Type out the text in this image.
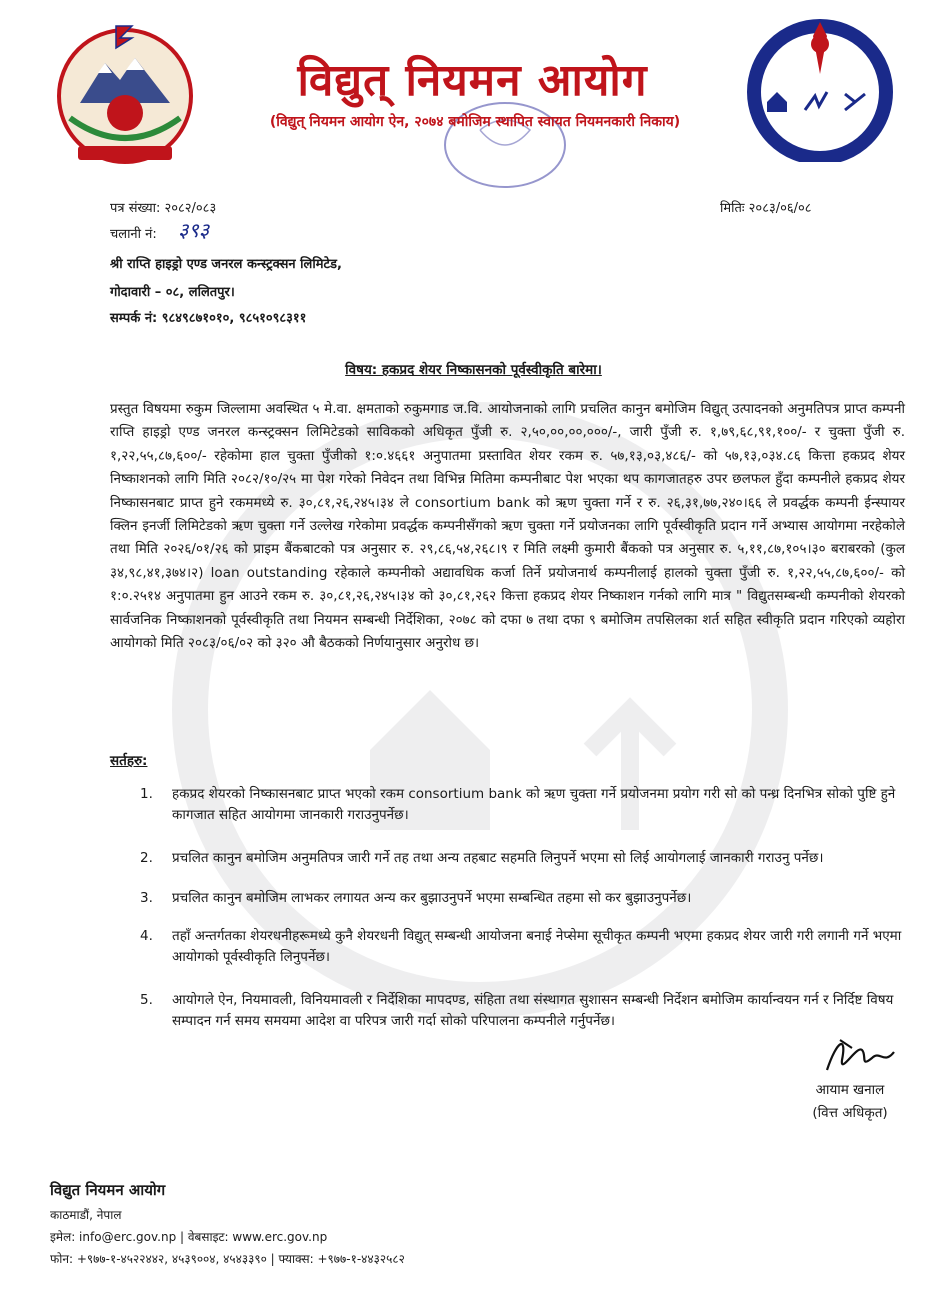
विद्युत् नियमन आयोग
(विद्युत् नियमन आयोग ऐन, २०७४ बमोजिम स्थापित स्वायत नियमनकारी निकाय)
पत्र संख्या: २०८२/०८३	मितिः २०८३/०६/०८
चलानी नं: ३९३
श्री राप्ति हाइड्रो एण्ड जनरल कन्स्ट्रक्सन लिमिटेड,
गोदावारी – ०८, ललितपुर।
सम्पर्क नं: ९८४९८७१०१०, ९८५१०९८३११
विषय: हकप्रद शेयर निष्कासनको पूर्वस्वीकृति बारेमा।
प्रस्तुत विषयमा रुकुम जिल्लामा अवस्थित ५ मे.वा. क्षमताको रुकुमगाड ज.वि. आयोजनाको लागि प्रचलित कानुन बमोजिम विद्युत् उत्पादनको अनुमतिपत्र प्राप्त कम्पनी राप्ति हाइड्रो एण्ड जनरल कन्स्ट्रक्सन लिमिटेडको साविकको अधिकृत पुँजी रु. २,५०,००,००,०००/-, जारी पुँजी रु. १,७९,६८,९१,१००/- र चुक्ता पुँजी रु. १,२२,५५,८७,६००/- रहेकोमा हाल चुक्ता पुँजीको १:०.४६६१ अनुपातमा प्रस्तावित शेयर रकम रु. ५७,१३,०३,४८६/- को ५७,१३,०३४.८६ कित्ता हकप्रद शेयर निष्काशनको लागि मिति २०८२/१०/२५ मा पेश गरेको निवेदन तथा विभिन्न मितिमा कम्पनीबाट पेश भएका थप कागजातहरु उपर छलफल हुँदा कम्पनीले हकप्रद शेयर निष्कासनबाट प्राप्त हुने रकममध्ये रु. ३०,८१,२६,२४५।३४ ले consortium bank को ऋण चुक्ता गर्ने र रु. २६,३१,७७,२४०।६६ ले प्रवर्द्धक कम्पनी ईन्स्पायर क्लिन इनर्जी लिमिटेडको ऋण चुक्ता गर्ने उल्लेख गरेकोमा प्रवर्द्धक कम्पनीसँगको ऋण चुक्ता गर्ने प्रयोजनका लागि पूर्वस्वीकृति प्रदान गर्ने अभ्यास आयोगमा नरहेकोले तथा मिति २०२६/०१/२६ को प्राइम बैंकबाटको पत्र अनुसार रु. २९,८६,५४,२६८।९ र मिति लक्ष्मी कुमारी बैंकको पत्र अनुसार रु. ५,११,८७,१०५।३० बराबरको (कुल ३४,९८,४१,३७४।२) loan outstanding रहेकाले कम्पनीको अद्यावधिक कर्जा तिर्ने प्रयोजनार्थ कम्पनीलाई हालको चुक्ता पुँजी रु. १,२२,५५,८७,६००/- को १:०.२५१४ अनुपातमा हुन आउने रकम रु. ३०,८१,२६,२४५।३४ को ३०,८१,२६२ कित्ता हकप्रद शेयर निष्काशन गर्नको लागि मात्र " विद्युतसम्बन्धी कम्पनीको शेयरको सार्वजनिक निष्काशनको पूर्वस्वीकृति तथा नियमन सम्बन्धी निर्देशिका, २०७८ को दफा ७ तथा दफा ९ बमोजिम तपसिलका शर्त सहित स्वीकृति प्रदान गरिएको व्यहोरा आयोगको मिति २०८३/०६/०२ को ३२० औ बैठकको निर्णयानुसार अनुरोध छ।
सर्तहरु:
1.	हकप्रद शेयरको निष्कासनबाट प्राप्त भएको रकम consortium bank को ऋण चुक्ता गर्ने प्रयोजनमा प्रयोग गरी सो को पन्ध्र दिनभित्र सोको पुष्टि हुने कागजात सहित आयोगमा जानकारी गराउनुपर्नेछ।
2.	प्रचलित कानुन बमोजिम अनुमतिपत्र जारी गर्ने तह तथा अन्य तहबाट सहमति लिनुपर्ने भएमा सो लिई आयोगलाई जानकारी गराउनु पर्नेछ।
3.	प्रचलित कानुन बमोजिम लाभकर लगायत अन्य कर बुझाउनुपर्ने भएमा सम्बन्धित तहमा सो कर बुझाउनुपर्नेछ।
4.	तहाँ अन्तर्गतका शेयरधनीहरूमध्ये कुनै शेयरधनी विद्युत् सम्बन्धी आयोजना बनाई नेप्सेमा सूचीकृत कम्पनी भएमा हकप्रद शेयर जारी गरी लगानी गर्ने भएमा आयोगको पूर्वस्वीकृति लिनुपर्नेछ।
5.	आयोगले ऐन, नियमावली, विनियमावली र निर्देशिका मापदण्ड, संहिता तथा संस्थागत सुशासन सम्बन्धी निर्देशन बमोजिम कार्यान्वयन गर्न र निर्दिष्ट विषय सम्पादन गर्न समय समयमा आदेश वा परिपत्र जारी गर्दा सोको परिपालना कम्पनीले गर्नुपर्नेछ।
आयाम खनाल
(वित्त अधिकृत)
विद्युत नियमन आयोग
काठमाडौं, नेपाल
इमेल: info@erc.gov.np | वेबसाइट: www.erc.gov.np
फोन: +९७७-१-४५२२४४२, ४५३९००४, ४५४३३९० | फ्याक्स: +९७७-१-४४३२५८२
